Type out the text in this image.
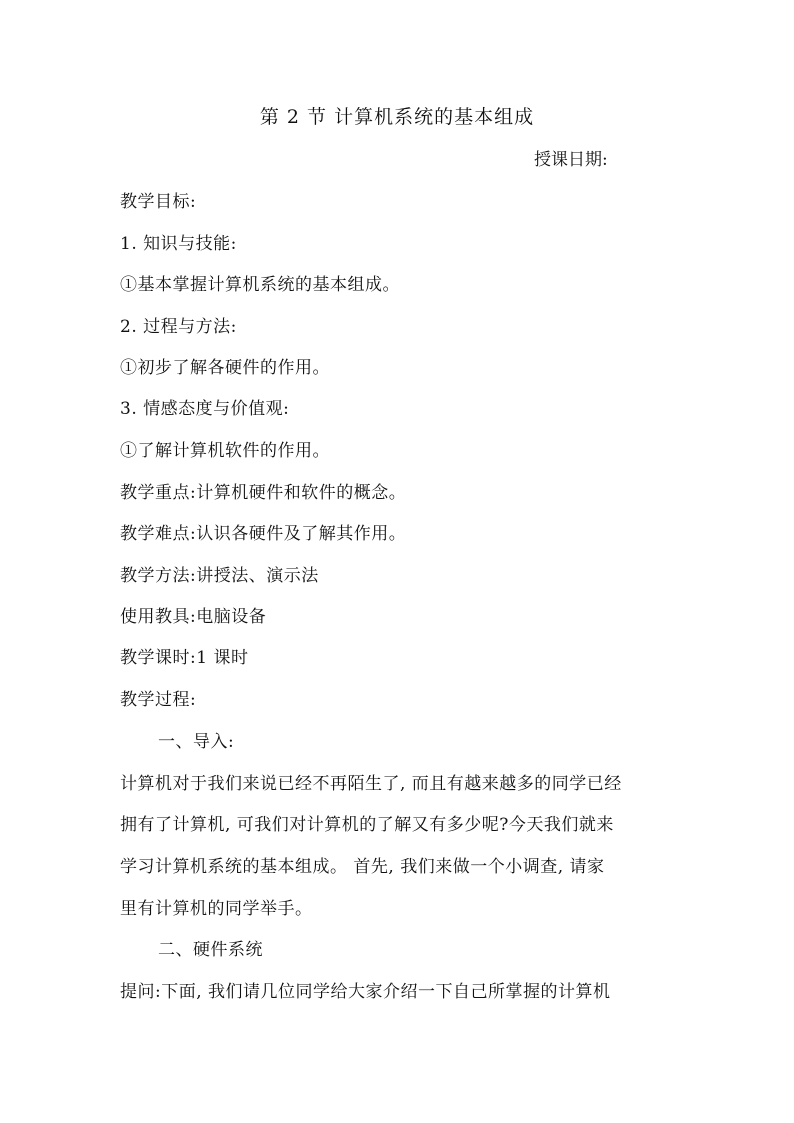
第 2 节 计算机系统的基本组成
授课日期:
教学目标:
1. 知识与技能:
①基本掌握计算机系统的基本组成。
2. 过程与方法:
①初步了解各硬件的作用。
3. 情感态度与价值观:
①了解计算机软件的作用。
教学重点:计算机硬件和软件的概念。
教学难点:认识各硬件及了解其作用。
教学方法:讲授法、演示法
使用教具:电脑设备
教学课时:1 课时
教学过程:
一、导入:
计算机对于我们来说已经不再陌生了, 而且有越来越多的同学已经
拥有了计算机, 可我们对计算机的了解又有多少呢?今天我们就来
学习计算机系统的基本组成。 首先, 我们来做一个小调查, 请家
里有计算机的同学举手。
二、硬件系统
提问:下面, 我们请几位同学给大家介绍一下自己所掌握的计算机
